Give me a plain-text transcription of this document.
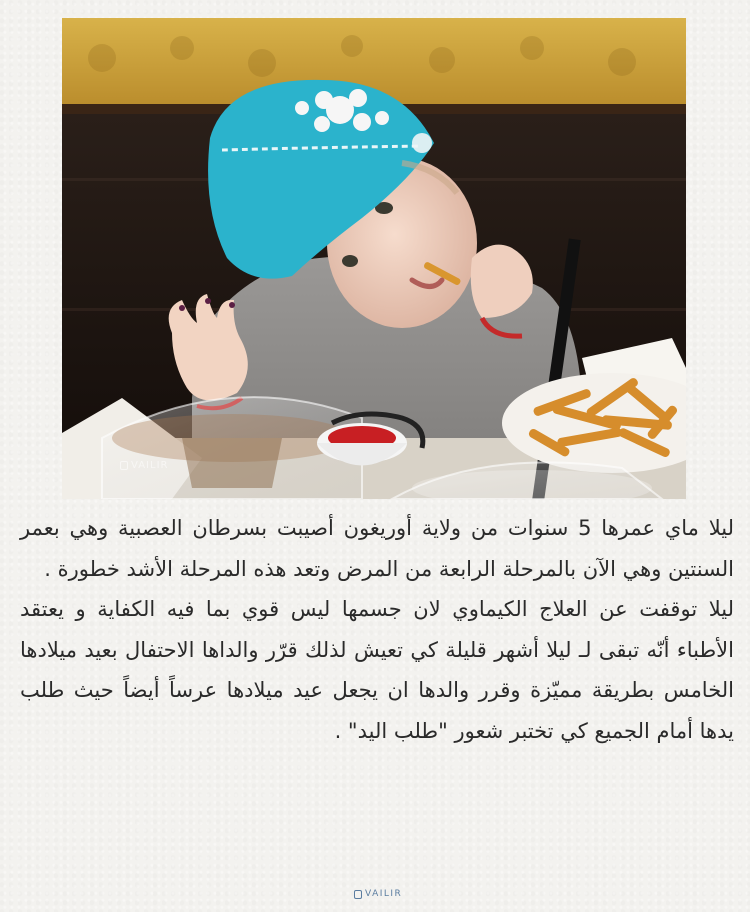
VAILIR

ليلا ماي عمرها 5 سنوات من ولاية أوريغون أصيبت بسرطان العصبية وهي بعمر السنتين وهي الآن بالمرحلة الرابعة من المرض وتعد هذه المرحلة الأشد خطورة .

ليلا توقفت عن العلاج الكيماوي لان جسمها ليس قوي بما فيه الكفاية و يعتقد الأطباء أنّه تبقى لـ ليلا أشهر قليلة كي تعيش لذلك قرّر والداها الاحتفال بعيد ميلادها الخامس بطريقة مميّزة وقرر والدها ان يجعل عيد ميلادها عرساً أيضاً حيث طلب يدها أمام الجميع كي تختبر شعور "طلب اليد" .

VAILIR
